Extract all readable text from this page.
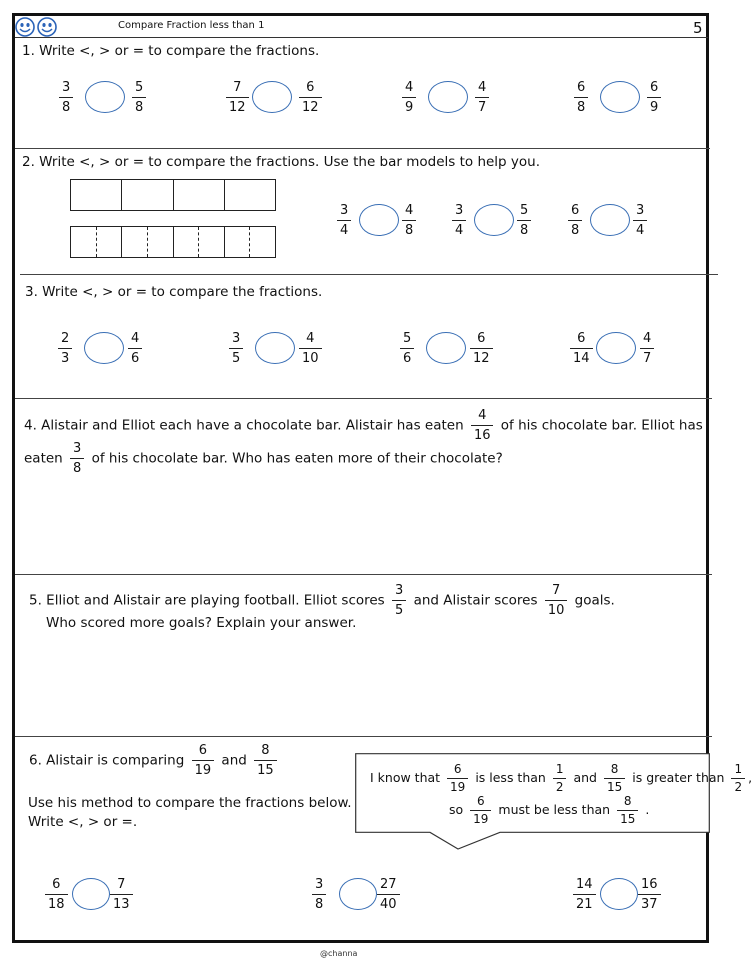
Compare Fraction less than 1	5
1. Write <, > or = to compare the fractions.
2. Write <, > or = to compare the fractions. Use the bar models to help you.
3. Write <, > or = to compare the fractions.
4. Alistair and Elliot each have a chocolate bar. Alistair has eaten $\frac{4}{16}$ of his chocolate bar. Elliot has
eaten $\frac{3}{8}$ of his chocolate bar. Who has eaten more of their chocolate?
5. Elliot and Alistair are playing football. Elliot scores $\frac{3}{5}$ and Alistair scores $\frac{7}{10}$ goals.
Who scored more goals? Explain your answer.
6. Alistair is comparing $\frac{6}{19}$ and $\frac{8}{15}$
Use his method to compare the fractions below.
Write <, > or =.
I know that $\frac{6}{19}$ is less than $\frac{1}{2}$ and $\frac{8}{15}$ is greater than $\frac{1}{2}$ ,
so $\frac{6}{19}$ must be less than $\frac{8}{15}$ .
@channa
3
8
5
8
7
12
6
12
4
9
4
7
6
8
6
9
3
4
4
8
3
4
5
8
6
8
3
4
2
3
4
6
3
5
4
10
5
6
6
12
6
14
4
7
6
18
7
13
3
8
27
40
14
21
16
37
